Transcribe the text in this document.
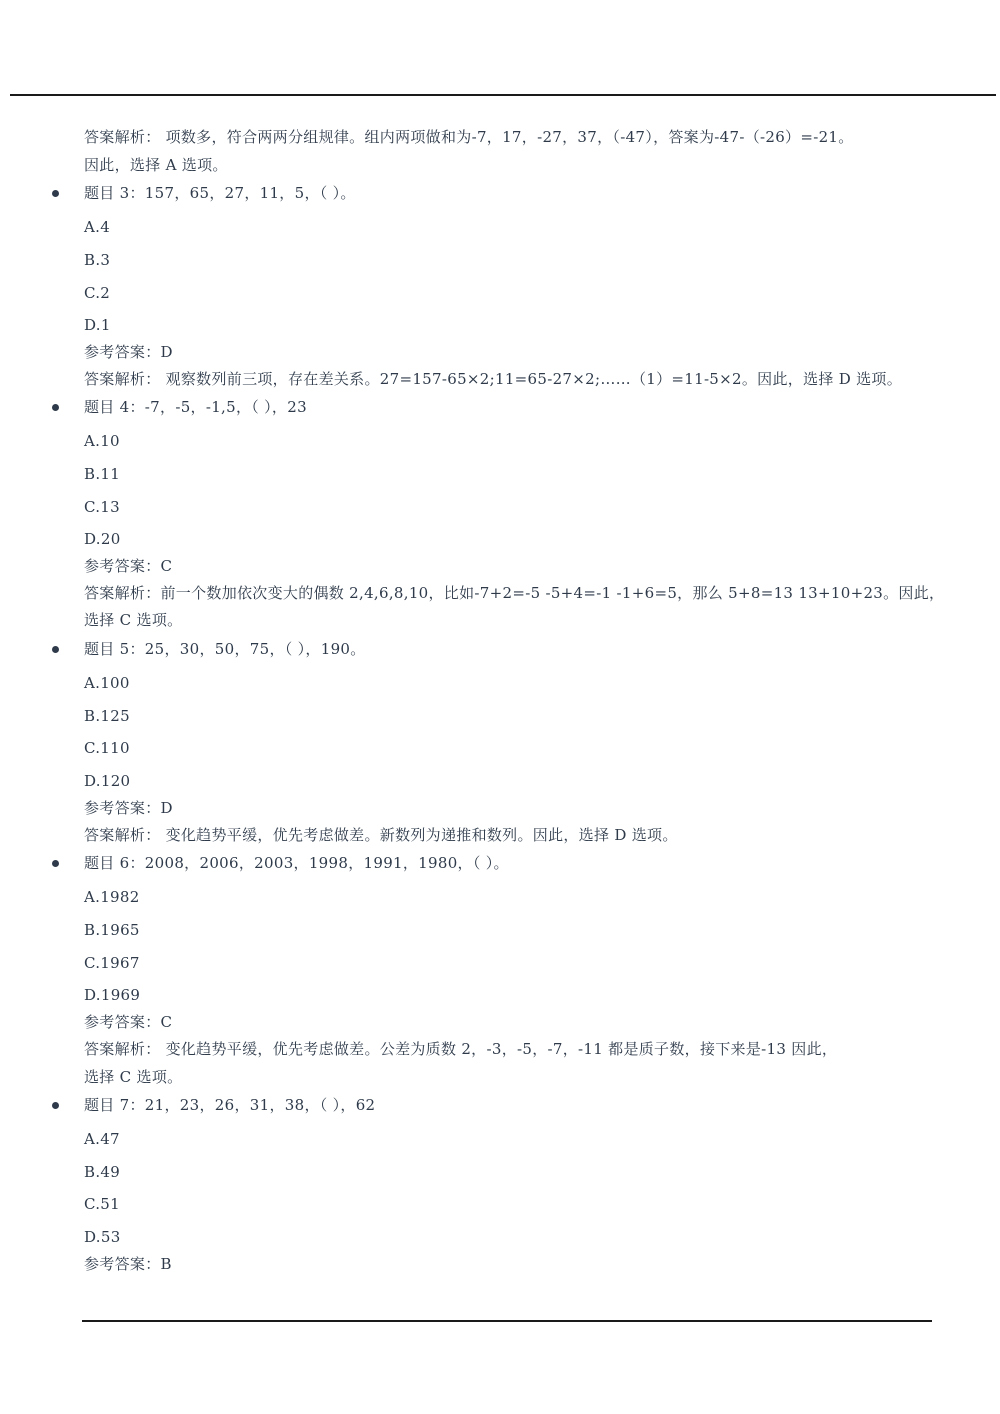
答案解析： 项数多，符合两两分组规律。组内两项做和为-7，17，-27，37，（-47），答案为-47-（-26）=-21。
因此，选择 A 选项。
题目 3：157，65，27，11，5，（ ）。
A.4
B.3
C.2
D.1
参考答案：D
答案解析： 观察数列前三项，存在差关系。27=157-65×2;11=65-27×2;……（1）=11-5×2。因此，选择 D 选项。
题目 4：-7，-5，-1,5，（ ），23
A.10
B.11
C.13
D.20
参考答案：C
答案解析：前一个数加依次变大的偶数 2,4,6,8,10，比如-7+2=-5 -5+4=-1 -1+6=5，那么 5+8=13 13+10+23。因此，
选择 C 选项。
题目 5：25，30，50，75，（ ），190。
A.100
B.125
C.110
D.120
参考答案：D
答案解析： 变化趋势平缓，优先考虑做差。新数列为递推和数列。因此，选择 D 选项。
题目 6：2008，2006，2003，1998，1991，1980，（ ）。
A.1982
B.1965
C.1967
D.1969
参考答案：C
答案解析： 变化趋势平缓，优先考虑做差。公差为质数 2，-3，-5，-7，-11 都是质子数，接下来是-13 因此，
选择 C 选项。
题目 7：21，23，26，31，38，（ ），62
A.47
B.49
C.51
D.53
参考答案：B
